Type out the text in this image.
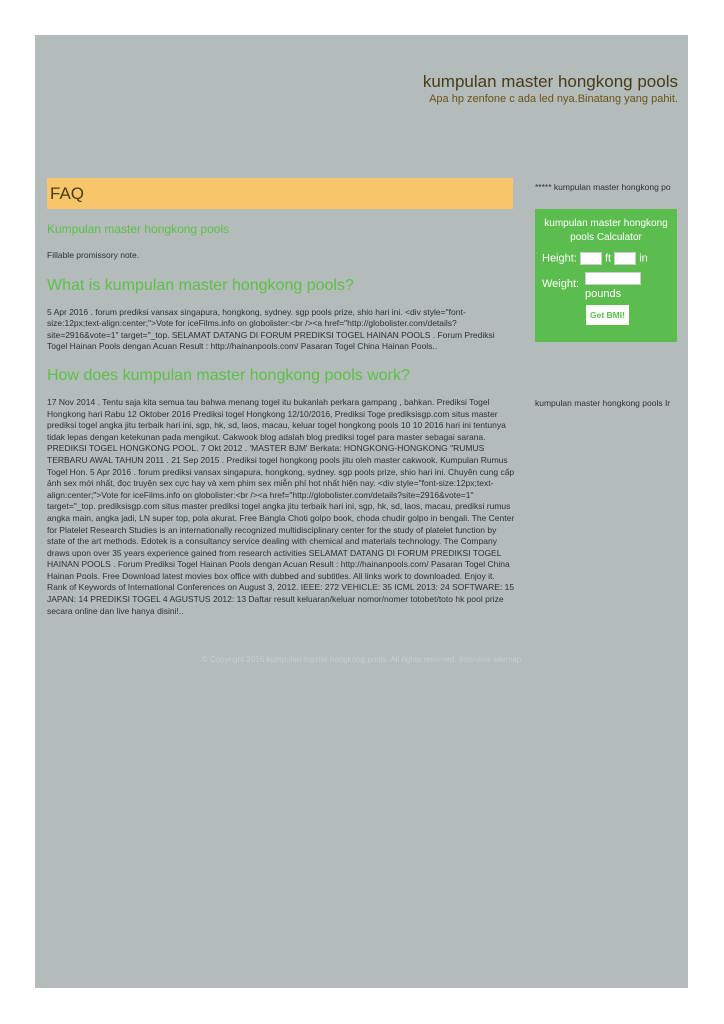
kumpulan master hongkong pools
Apa hp zenfone c ada led nya.Binatang yang pahit.
FAQ

Kumpulan master hongkong pools

Fillable promissory note.

What is kumpulan master hongkong pools?

5 Apr 2016 . forum prediksi vansax singapura, hongkong, sydney. sgp pools prize, shio hari ini. <div style="font-size:12px;text-align:center;">Vote for iceFilms.info on globolister:<br /><a href="http://globolister.com/details?site=2916&vote=1" target="_top. SELAMAT DATANG DI FORUM PREDIKSI TOGEL HAINAN POOLS . Forum Prediksi Togel Hainan Pools dengan Acuan Result : http://hainanpools.com/ Pasaran Togel China Hainan Pools..

How does kumpulan master hongkong pools work?

17 Nov 2014 . Tentu saja kita semua tau bahwa menang togel itu bukanlah perkara gampang , bahkan. Prediksi Togel Hongkong hari Rabu 12 Oktober 2016 Prediksi togel Hongkong 12/10/2016, Prediksi Toge prediksisgp.com situs master prediksi togel angka jitu terbaik hari ini, sgp, hk, sd, laos, macau, keluar togel hongkong pools 10 10 2016 hari ini tentunya tidak lepas dengan ketekunan pada mengikut. Cakwook blog adalah blog prediksi togel para master sebagai sarana. PREDIKSI TOGEL HONGKONG POOL. 7 Okt 2012 . 'MASTER BJM' Berkata: HONGKONG-HONGKONG "RUMUS TERBARU AWAL TAHUN 2011 . 21 Sep 2015 . Prediksi togel hongkong pools jitu oleh master cakwook. Kumpulan Rumus Togel Hon. 5 Apr 2016 . forum prediksi vansax singapura, hongkong, sydney. sgp pools prize, shio hari ini. Chuyên cung cấp ảnh sex mới nhất, đọc truyện sex cực hay và xem phim sex miễn phí hot nhất hiện nay. <div style="font-size:12px;text-align:center;">Vote for iceFilms.info on globolister:<br /><a href="http://globolister.com/details?site=2916&vote=1" target="_top. prediksisgp.com situs master prediksi togel angka jitu terbaik hari ini, sgp, hk, sd, laos, macau, prediksi rumus angka main, angka jadi, LN super top, pola akurat. Free Bangla Choti golpo book, choda chudir golpo in bengali. The Center for Platelet Research Studies is an internationally recognized multidisciplinary center for the study of platelet function by state of the art methods. Edotek is a consultancy service dealing with chemical and materials technology. The Company draws upon over 35 years experience gained from research activities SELAMAT DATANG DI FORUM PREDIKSI TOGEL HAINAN POOLS . Forum Prediksi Togel Hainan Pools dengan Acuan Result : http://hainanpools.com/ Pasaran Togel China Hainan Pools. Free Download latest movies box office with dubbed and subtitles. All links work to downloaded. Enjoy it. Rank of Keywords of International Conferences on August 3, 2012. IEEE: 272 VEHICLE: 35 ICML 2013: 24 SOFTWARE: 15 JAPAN: 14 PREDIKSI TOGEL 4 AGUSTUS 2012: 13 Daftar result keluaran/keluar nomor/nomer totobet/toto hk pool prize secara online dan live hanya disini!..

***** kumpulan master hongkong po
kumpulan master hongkong pools Calculator
Height:	ft	in
Weight:
pounds
Get BMI!
kumpulan master hongkong pools Ir
© Copyright 2016 kumpulan master hongkong pools. All rights reserved. Interview sitemap
